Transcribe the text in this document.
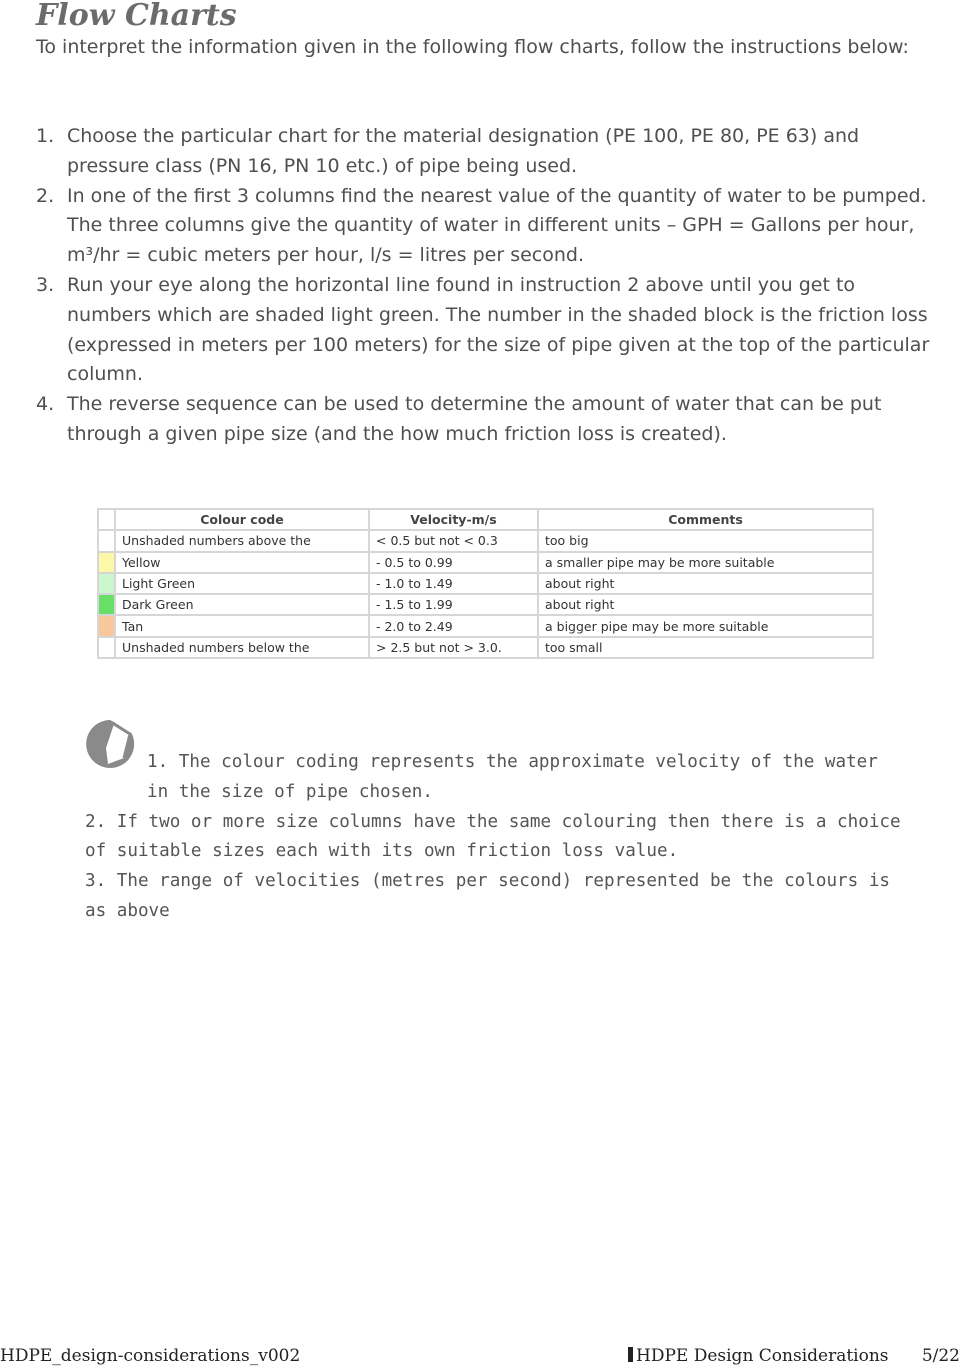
Flow Charts

To interpret the information given in the following flow charts, follow the instructions below:

1. Choose the particular chart for the material designation (PE 100, PE 80, PE 63) and pressure class (PN 16, PN 10 etc.) of pipe being used.
2. In one of the first 3 columns find the nearest value of the quantity of water to be pumped. The three columns give the quantity of water in different units – GPH = Gallons per hour, m³/hr = cubic meters per hour, l/s = litres per second.
3. Run your eye along the horizontal line found in instruction 2 above until you get to numbers which are shaded light green. The number in the shaded block is the friction loss (expressed in meters per 100 meters) for the size of pipe given at the top of the particular column.
4. The reverse sequence can be used to determine the amount of water that can be put through a given pipe size (and the how much friction loss is created).
	Colour code	Velocity-m/s	Comments
	Unshaded numbers above the	< 0.5 but not < 0.3	too big
	Yellow	- 0.5 to 0.99	a smaller pipe may be more suitable
	Light Green	- 1.0 to 1.49	about right
	Dark Green	- 1.5 to 1.99	about right
	Tan	- 2.0 to 2.49	a bigger pipe may be more suitable
	Unshaded numbers below the	> 2.5 but not > 3.0.	too small

1. The colour coding represents the approximate velocity of the water in the size of pipe chosen.

2. If two or more size columns have the same colouring then there is a choice of suitable sizes each with its own friction loss value.

3. The range of velocities (metres per second) represented be the colours is as above

HDPE_design-considerations_v002	HDPE Design Considerations 5/22
